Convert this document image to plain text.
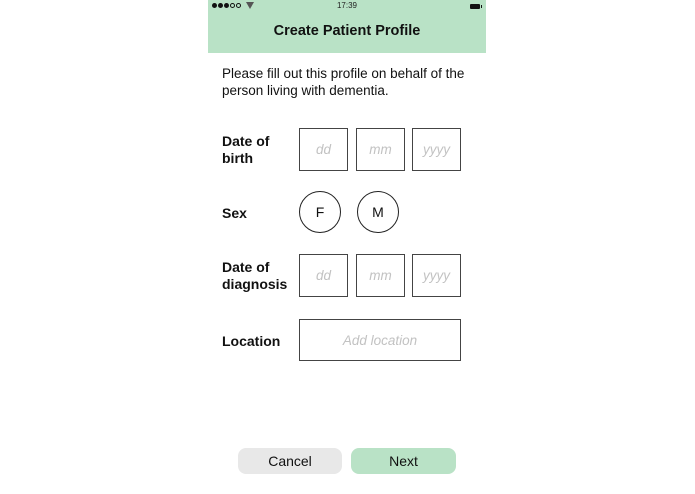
17:39
Create Patient Profile
Please fill out this profile on behalf of the person living with dementia.
Date of
birth
dd	mm	yyyy
Sex	F	M
Date of
diagnosis
dd	mm	yyyy
Location	Add location
Cancel	Next
